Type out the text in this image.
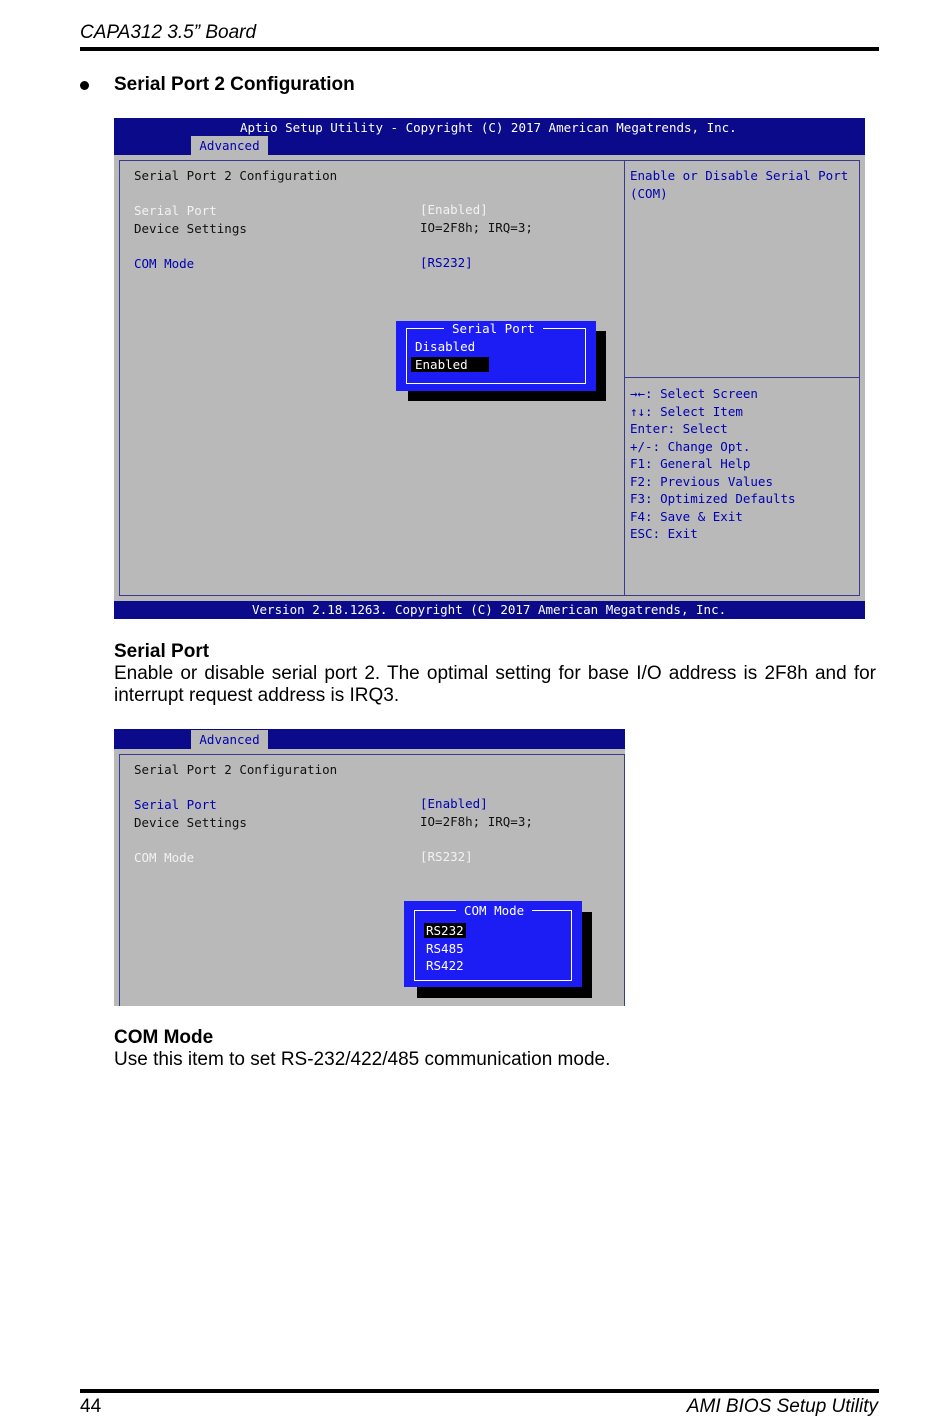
CAPA312 3.5” Board
Serial Port 2 Configuration

Aptio Setup Utility - Copyright (C) 2017 American Megatrends, Inc.

Advanced

Serial Port 2 Configuration

Serial Port

	[Enabled]

Device Settings

	IO=2F8h; IRQ=3;

COM Mode

	[RS232]

Enable or Disable Serial Port

(COM)

→←: Select Screen

↑↓: Select Item

Enter: Select

+/-: Change Opt.

F1: General Help

F2: Previous Values

F3: Optimized Defaults

F4: Save & Exit

ESC: Exit

Serial Port

Disabled

Enabled

Version 2.18.1263. Copyright (C) 2017 American Megatrends, Inc.

Serial Port
Enable or disable serial port 2. The optimal setting for base I/O address is 2F8h and for interrupt request address is IRQ3.

Advanced

Serial Port 2 Configuration

Serial Port

	[Enabled]

Device Settings

	IO=2F8h; IRQ=3;

COM Mode

	[RS232]

COM Mode

RS232

RS485

RS422

COM Mode
Use this item to set RS-232/422/485 communication mode.
44	AMI BIOS Setup Utility
